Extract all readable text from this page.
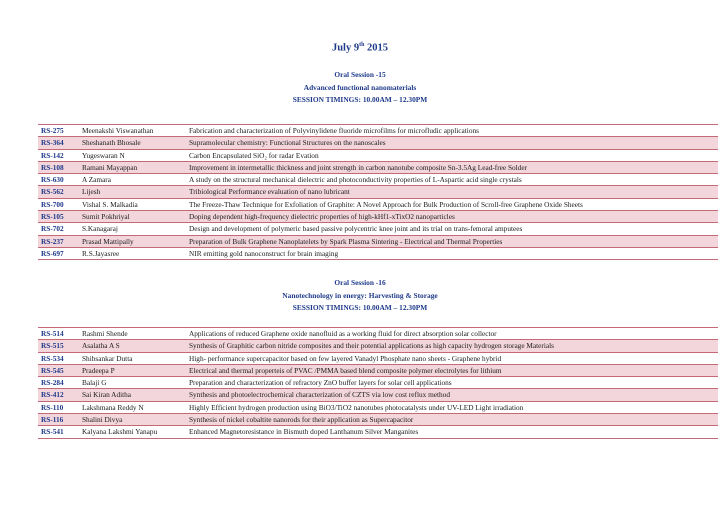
July 9th 2015
Oral Session -15
Advanced functional nanomaterials
SESSION TIMINGS: 10.00AM – 12.30PM
RS-275	Meenakshi Viswanathan	Fabrication and characterization of Polyvinylidene fluoride microfilms for microfludic applications
RS-364	Sheshanath Bhosale	Supramolecular chemistry: Functional Structures on the nanoscales
RS-142	Yugeswaran N	Carbon Encapsulated SiO₂ for radar Evation
RS-108	Ramani Mayappan	Improvement in intermetallic thickness and joint strength in carbon nanotube composite Sn-3.5Ag Lead-free Solder
RS-630	A Zamara	A study on the structural mechanical dielectric and photoconductivity properties of L-Aspartic acid single crystals
RS-562	Lijesh	Tribiological Performance evaluation of nano lubricant
RS-700	Vishal S. Malkadia	The Freeze-Thaw Technique for Exfoliation of Graphite: A Novel Approach for Bulk Production of Scroll-free Graphene Oxide Sheets
RS-105	Sumit Pokhriyal	Doping dependent high-frequency dielectric properties of high-kHf1-xTixO2 nanoparticles
RS-702	S.Kanagaraj	Design and development of polymeric based passive polycentric knee joint and its trial on trans-femoral amputees
RS-237	Prasad Mattipally	Preparation of Bulk Graphene Nanoplatelets by Spark Plasma Sintering - Electrical and Thermal Properties
RS-697	R.S.Jayasree	NIR emitting gold nanoconstruct for brain imaging
Oral Session -16
Nanotechnology in energy: Harvesting & Storage
SESSION TIMINGS: 10.00AM – 12.30PM
RS-514	Rashmi Shende	Applications of reduced Graphene oxide nanofluid as a working fluid for direct absorption solar collector
RS-515	Asalatha A S	Synthesis of Graphitic carbon nitride composites and their potential applications as high capacity hydrogen storage Materials
RS-534	Shibsankar Dutta	High- performance supercapacitor based on few layered Vanadyl Phosphate nano sheets - Graphene hybrid
RS-545	Pradeepa P	Electrical and thermal properteis of PVAC /PMMA based blend composite polymer electrolytes for lithium
RS-284	Balaji G	Preparation and characterization of refractory ZnO buffer layers for solar cell applications
RS-412	Sai Kiran Aditha	Synthesis and photoelectrochemical characterization of CZTS via low cost reflux method
RS-110	Lakshmana Reddy N	Highly Efficient hydrogen production using BiO3/TiO2 nanotubes photocatalysts under UV-LED Light irradiation
RS-116	Shalini Divya	Synthesis of nickel cobaltite nanorods for their application as Supercapacitor
RS-541	Kalyana Lakshmi Yanapu	Enhanced Magnetoresistance in Bismuth doped Lanthanum Silver Manganites
